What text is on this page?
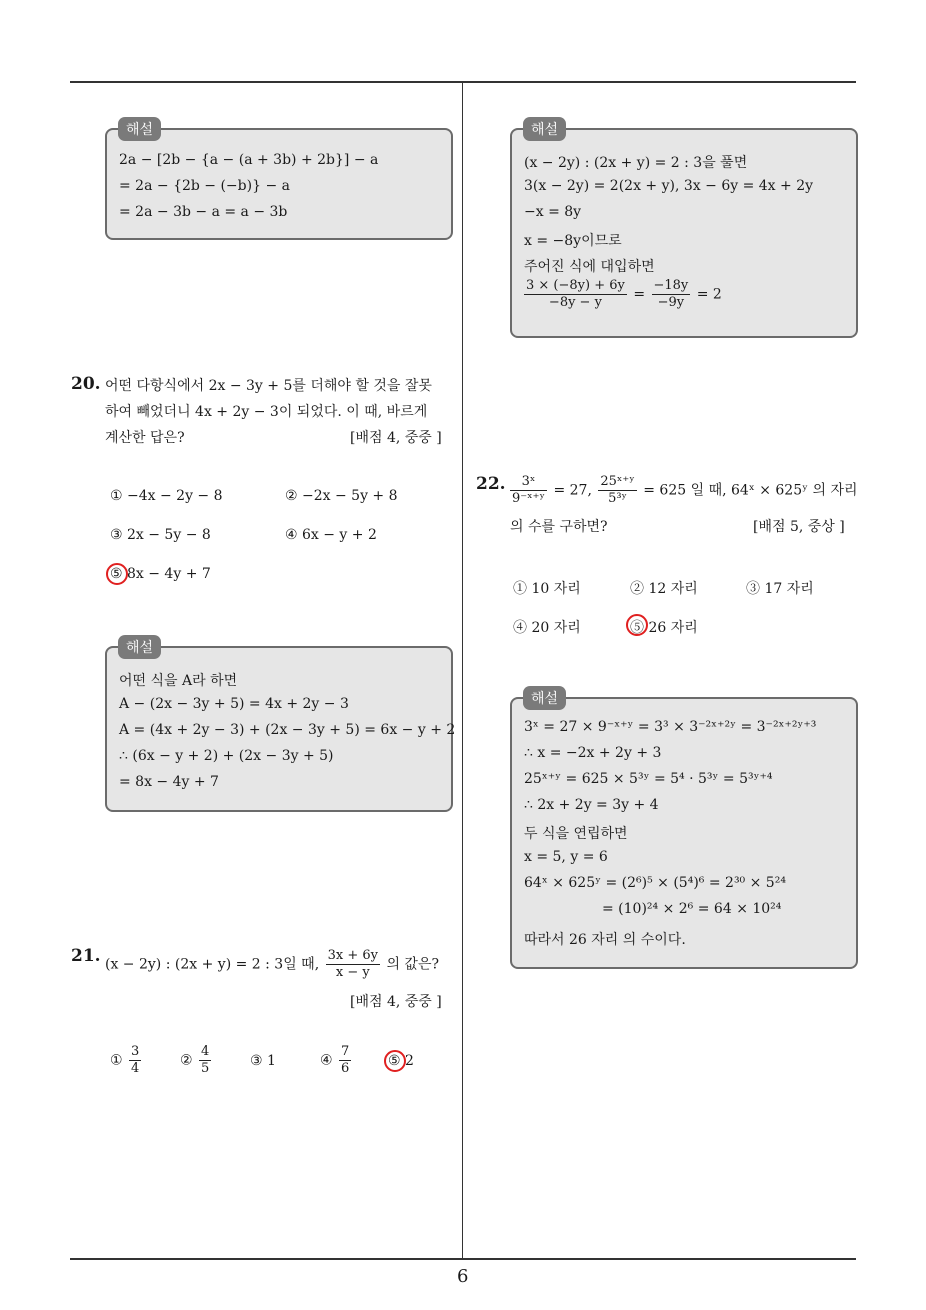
2a − [2b − {a − (a + 3b) + 2b}] − a
= 2a − {2b − (−b)} − a
= 2a − 3b − a = a − 3b
해설
20. 어떤 다항식에서 2x − 3y + 5를 더해야 할 것을 잘못
하여 빼었더니 4x + 2y − 3이 되었다. 이 때, 바르게
계산한 답은?	[배점 4, 중중 ]
① −4x − 2y − 8	② −2x − 5y + 8
③ 2x − 5y − 8	④ 6x − y + 2
⑤ 8x − 4y + 7
어떤 식을 A라 하면
A − (2x − 3y + 5) = 4x + 2y − 3
A = (4x + 2y − 3) + (2x − 3y + 5) = 6x − y + 2
∴ (6x − y + 2) + (2x − 3y + 5)
= 8x − 4y + 7
해설
21. (x − 2y) : (2x + y) = 2 : 3일 때, $\frac{3x + 6y}{x - y}$ 의 값은?
[배점 4, 중중 ]
① $\frac{3}{4}$	② $\frac{4}{5}$	③ 1	④ $\frac{7}{6}$	⑤ 2
(x − 2y) : (2x + y) = 2 : 3을 풀면
3(x − 2y) = 2(2x + y), 3x − 6y = 4x + 2y
−x = 8y
x = −8y이므로
주어진 식에 대입하면
$\frac{3 \times (-8y) + 6y}{-8y - y} = \frac{-18y}{-9y} = 2$
해설
22. $\frac{\text{3ˣ}}{\text{9⁻ˣ⁺ʸ}} = 27$, $\frac{\text{25ˣ⁺ʸ}}{\text{5³ʸ}} = 625$ 일 때, 64ˣ × 625ʸ 의 자리
의 수를 구하면?	[배점 5, 중상 ]
① 10 자리	② 12 자리	③ 17 자리
④ 20 자리	⑤ 26 자리
3ˣ = 27 × 9⁻ˣ⁺ʸ = 3³ × 3⁻²ˣ⁺²ʸ = 3⁻²ˣ⁺²ʸ⁺³
∴ x = −2x + 2y + 3
25ˣ⁺ʸ = 625 × 5³ʸ = 5⁴ · 5³ʸ = 5³ʸ⁺⁴
∴ 2x + 2y = 3y + 4
두 식을 연립하면
x = 5, y = 6
64ˣ × 625ʸ = (2⁶)⁵ × (5⁴)⁶ = 2³⁰ × 5²⁴
= (10)²⁴ × 2⁶ = 64 × 10²⁴
따라서 26 자리 의 수이다.
해설
6
